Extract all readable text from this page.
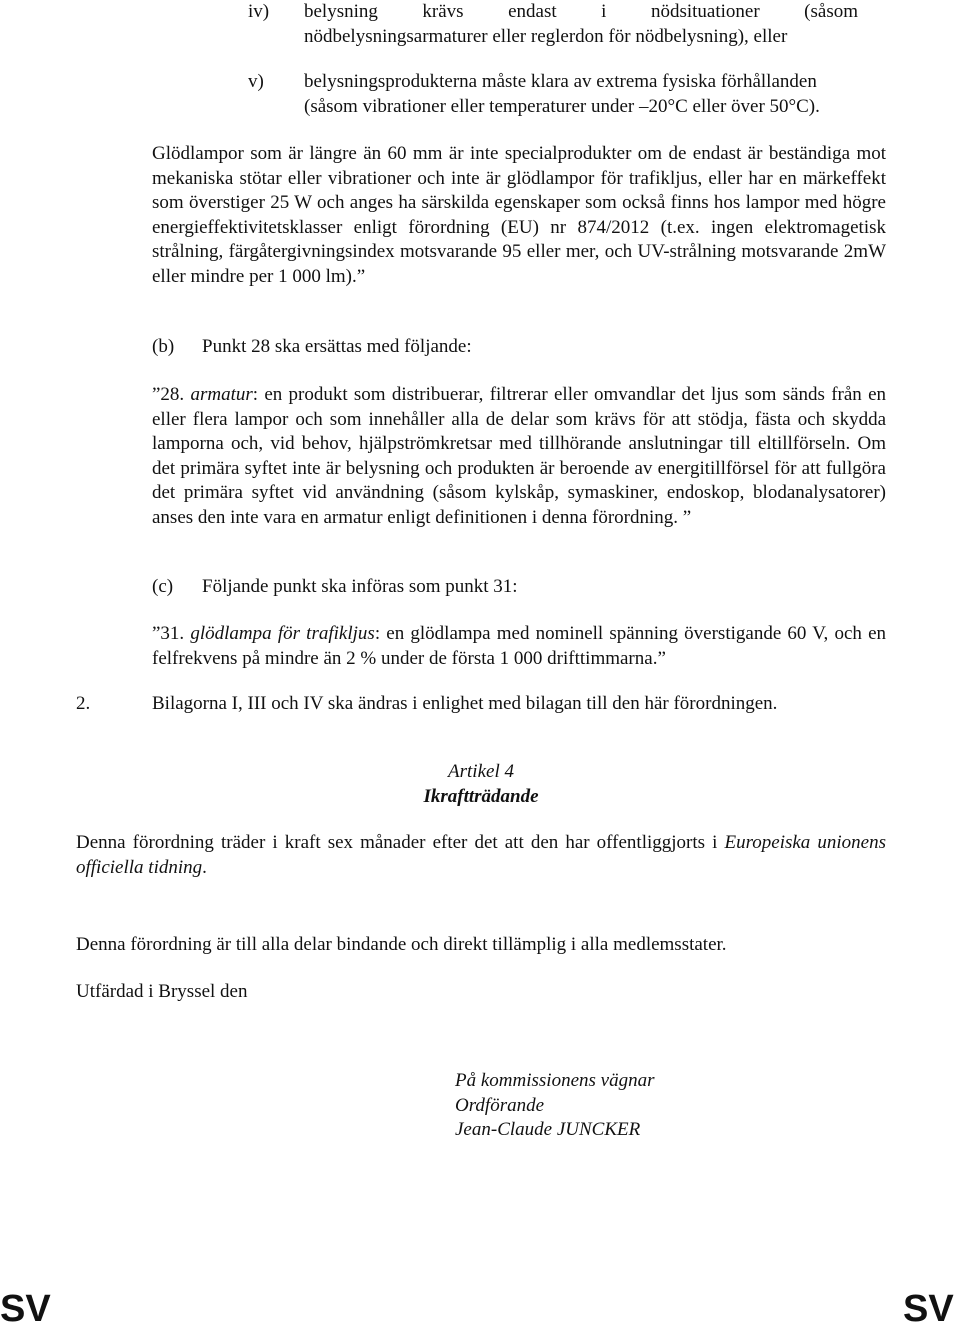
iv) belysning krävs endast i nödsituationer (såsom
nödbelysningsarmaturer eller reglerdon för nödbelysning), eller
v) belysningsprodukterna måste klara av extrema fysiska förhållanden
(såsom vibrationer eller temperaturer under –20°C eller över 50°C).
Glödlampor som är längre än 60 mm är inte specialprodukter om de endast är beständiga mot mekaniska stötar eller vibrationer och inte är glödlampor för trafikljus, eller har en märkeffekt som överstiger 25 W och anges ha särskilda egenskaper som också finns hos lampor med högre energieffektivitetsklasser enligt förordning (EU) nr 874/2012 (t.ex. ingen elektromagetisk strålning, färgåtergivningsindex motsvarande 95 eller mer, och UV-strålning motsvarande 2mW eller mindre per 1 000 lm).”
(b) Punkt 28 ska ersättas med följande:
”28. armatur: en produkt som distribuerar, filtrerar eller omvandlar det ljus som sänds från en eller flera lampor och som innehåller alla de delar som krävs för att stödja, fästa och skydda lamporna och, vid behov, hjälpströmkretsar med tillhörande anslutningar till eltillförseln. Om det primära syftet inte är belysning och produkten är beroende av energitillförsel för att fullgöra det primära syftet vid användning (såsom kylskåp, symaskiner, endoskop, blodanalysatorer) anses den inte vara en armatur enligt definitionen i denna förordning. ”
(c) Följande punkt ska införas som punkt 31:
”31. glödlampa för trafikljus: en glödlampa med nominell spänning överstigande 60 V, och en felfrekvens på mindre än 2 % under de första 1 000 drifttimmarna.”
2.	Bilagorna I, III och IV ska ändras i enlighet med bilagan till den här förordningen.
Artikel 4
Ikraftträdande
Denna förordning träder i kraft sex månader efter det att den har offentliggjorts i Europeiska unionens officiella tidning.
Denna förordning är till alla delar bindande och direkt tillämplig i alla medlemsstater.
Utfärdad i Bryssel den
På kommissionens vägnar
Ordförande
Jean-Claude JUNCKER
SV	SV
